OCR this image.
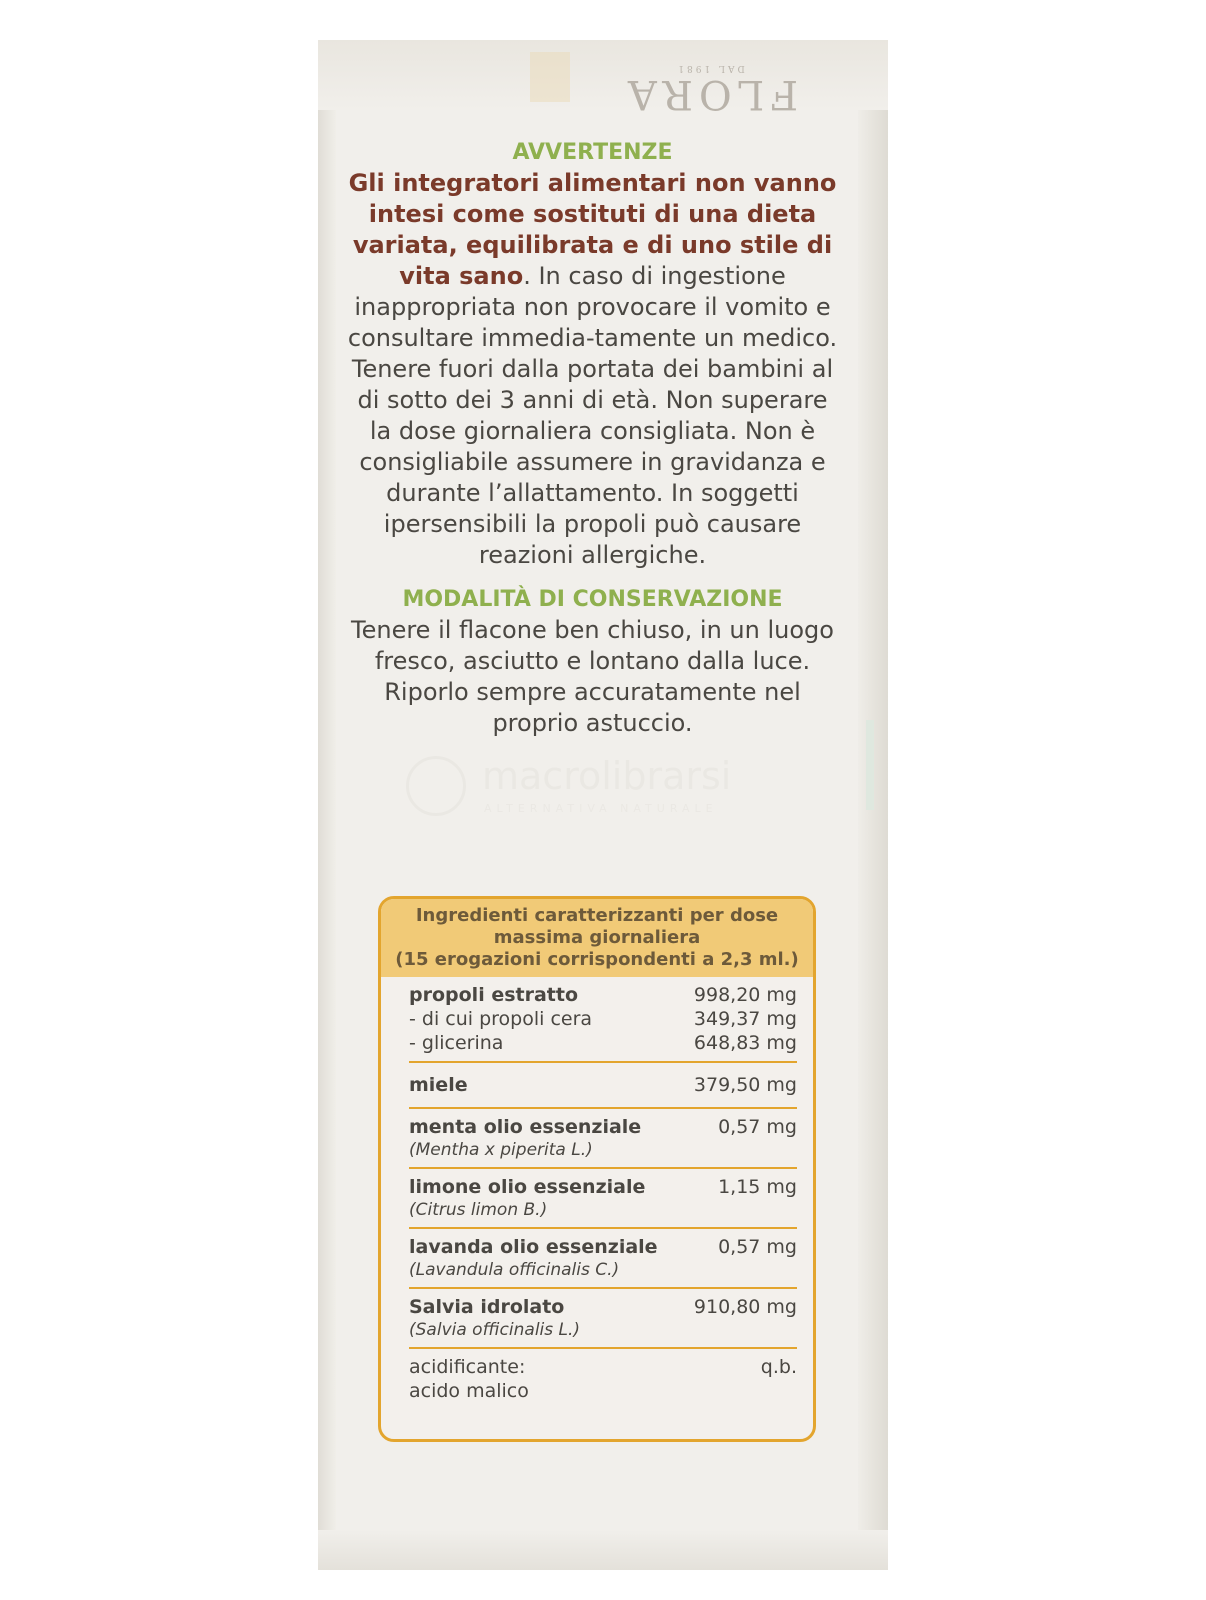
FLORA
DAL 1981

AVVERTENZE

Gli integratori alimentari non vanno intesi come sostituti di una dieta variata, equilibrata e di uno stile di vita sano. In caso di ingestione inappropriata non provocare il vomito e consultare immedia-tamente un medico. Tenere fuori dalla portata dei bambini al di sotto dei 3 anni di età. Non superare la dose giornaliera consigliata. Non è consigliabile assumere in gravidanza e durante l’allattamento. In soggetti ipersensibili la propoli può causare reazioni allergiche.

MODALITÀ DI CONSERVAZIONE

Tenere il flacone ben chiuso, in un luogo fresco, asciutto e lontano dalla luce. Riporlo sempre accuratamente nel proprio astuccio.

macrolibrarsi
ALTERNATIVA NATURALE
Ingredienti caratterizzanti per dose
massima giornaliera
(15 erogazioni corrispondenti a 2,3 ml.)
propoli estratto	998,20 mg
- di cui propoli cera	349,37 mg
- glicerina	648,83 mg
miele	379,50 mg
menta olio essenziale	0,57 mg
(Mentha x piperita L.)
limone olio essenziale	1,15 mg
(Citrus limon B.)
lavanda olio essenziale	0,57 mg
(Lavandula officinalis C.)
Salvia idrolato	910,80 mg
(Salvia officinalis L.)
acidificante:	q.b.
acido malico
